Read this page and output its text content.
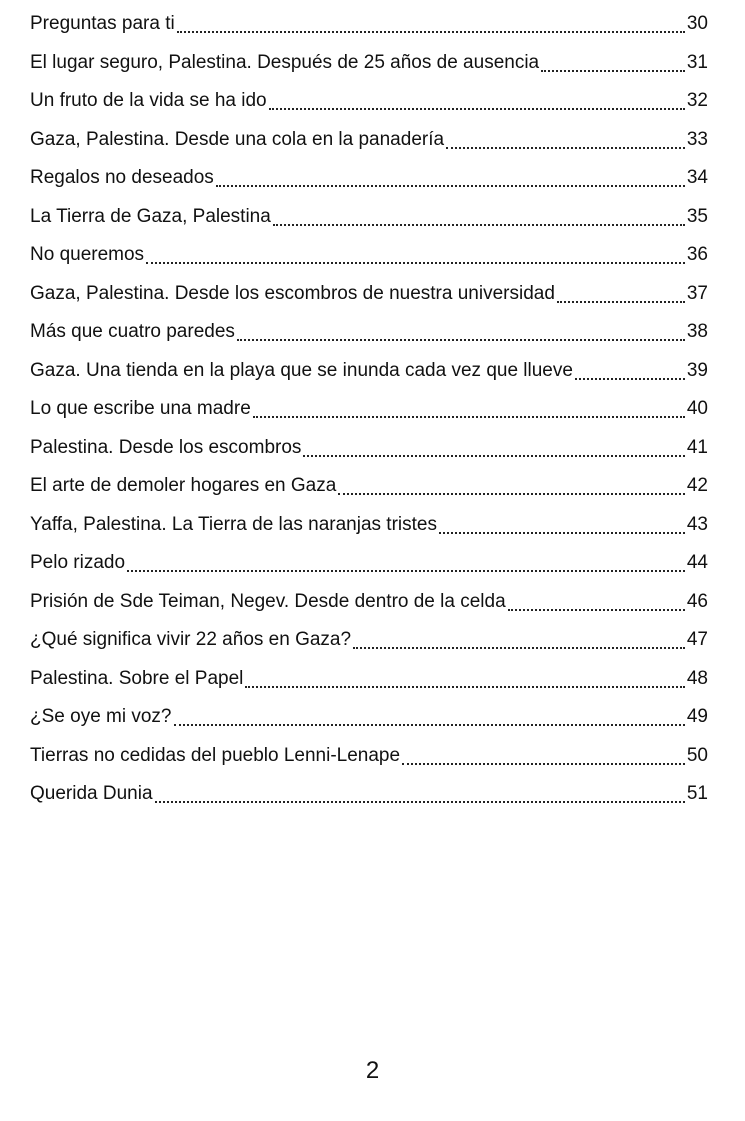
Preguntas para ti	30
El lugar seguro, Palestina. Después de 25 años de ausencia	31
Un fruto de la vida se ha ido	32
Gaza, Palestina. Desde una cola en la panadería	33
Regalos no deseados	34
La Tierra de Gaza, Palestina	35
No queremos	36
Gaza, Palestina. Desde los escombros de nuestra universidad	37
Más que cuatro paredes	38
Gaza. Una tienda en la playa que se inunda cada vez que llueve	39
Lo que escribe una madre	40
Palestina. Desde los escombros	41
El arte de demoler hogares en Gaza	42
Yaffa, Palestina. La Tierra de las naranjas tristes	43
Pelo rizado	44
Prisión de Sde Teiman, Negev. Desde dentro de la celda	46
¿Qué significa vivir 22 años en Gaza?	47
Palestina. Sobre el Papel	48
¿Se oye mi voz?	49
Tierras no cedidas del pueblo Lenni-Lenape	50
Querida Dunia	51
2
